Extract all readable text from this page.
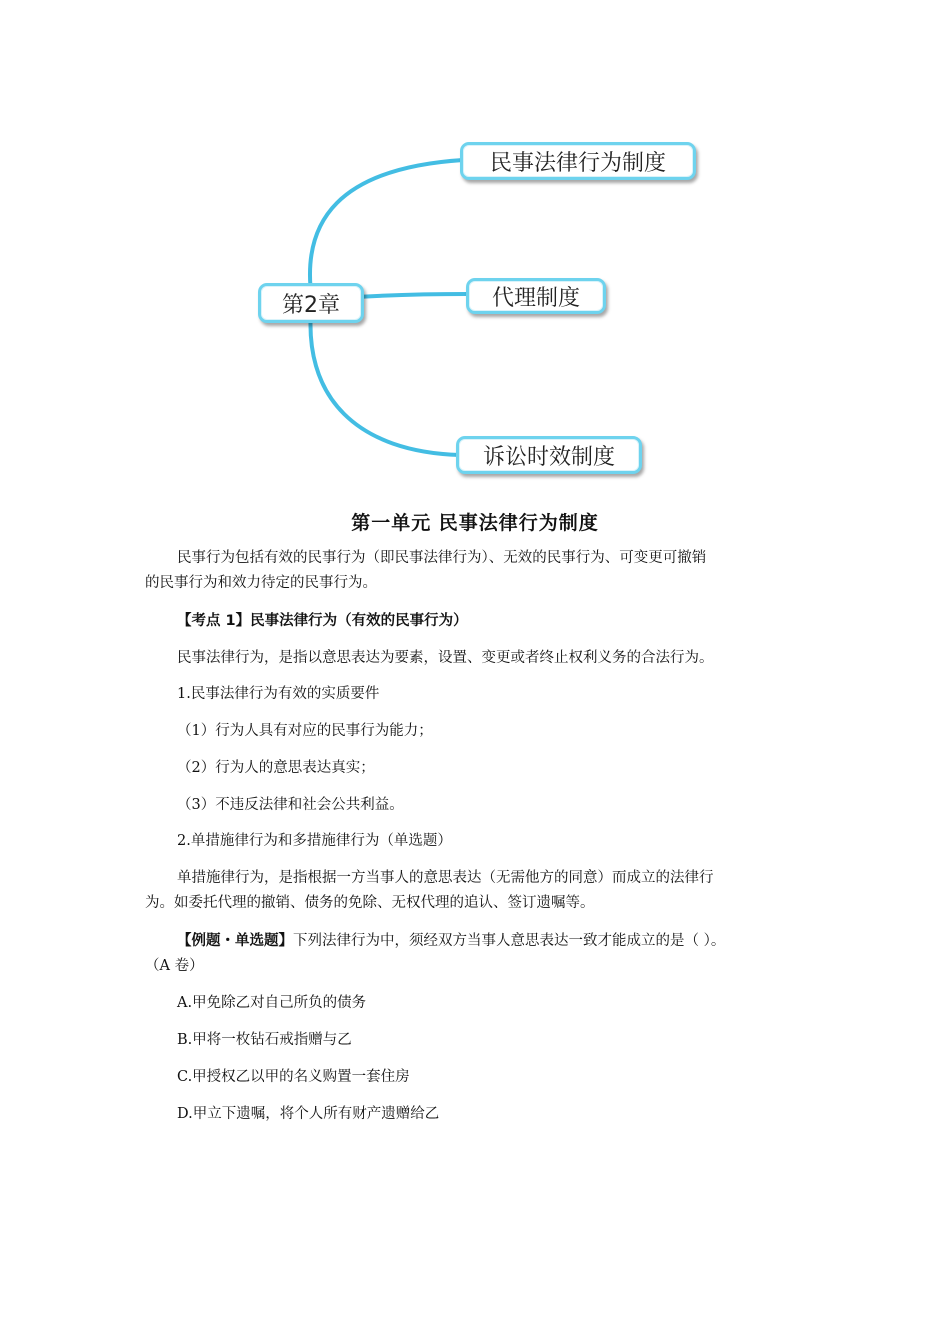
第2章
民事法律行为制度
代理制度
诉讼时效制度
第一单元 民事法律行为制度
民事行为包括有效的民事行为（即民事法律行为）、无效的民事行为、可变更可撤销
的民事行为和效力待定的民事行为。
【考点 1】民事法律行为（有效的民事行为）
民事法律行为，是指以意思表达为要素，设置、变更或者终止权利义务的合法行为。
1.民事法律行为有效的实质要件
（1）行为人具有对应的民事行为能力；
（2）行为人的意思表达真实；
（3）不违反法律和社会公共利益。
2.单措施律行为和多措施律行为（单选题）
单措施律行为，是指根据一方当事人的意思表达（无需他方的同意）而成立的法律行
为。如委托代理的撤销、债务的免除、无权代理的追认、签订遗嘱等。
【例题・单选题】下列法律行为中，须经双方当事人意思表达一致才能成立的是（ ）。
（A 卷）
A.甲免除乙对自己所负的债务
B.甲将一枚钻石戒指赠与乙
C.甲授权乙以甲的名义购置一套住房
D.甲立下遗嘱，将个人所有财产遗赠给乙
